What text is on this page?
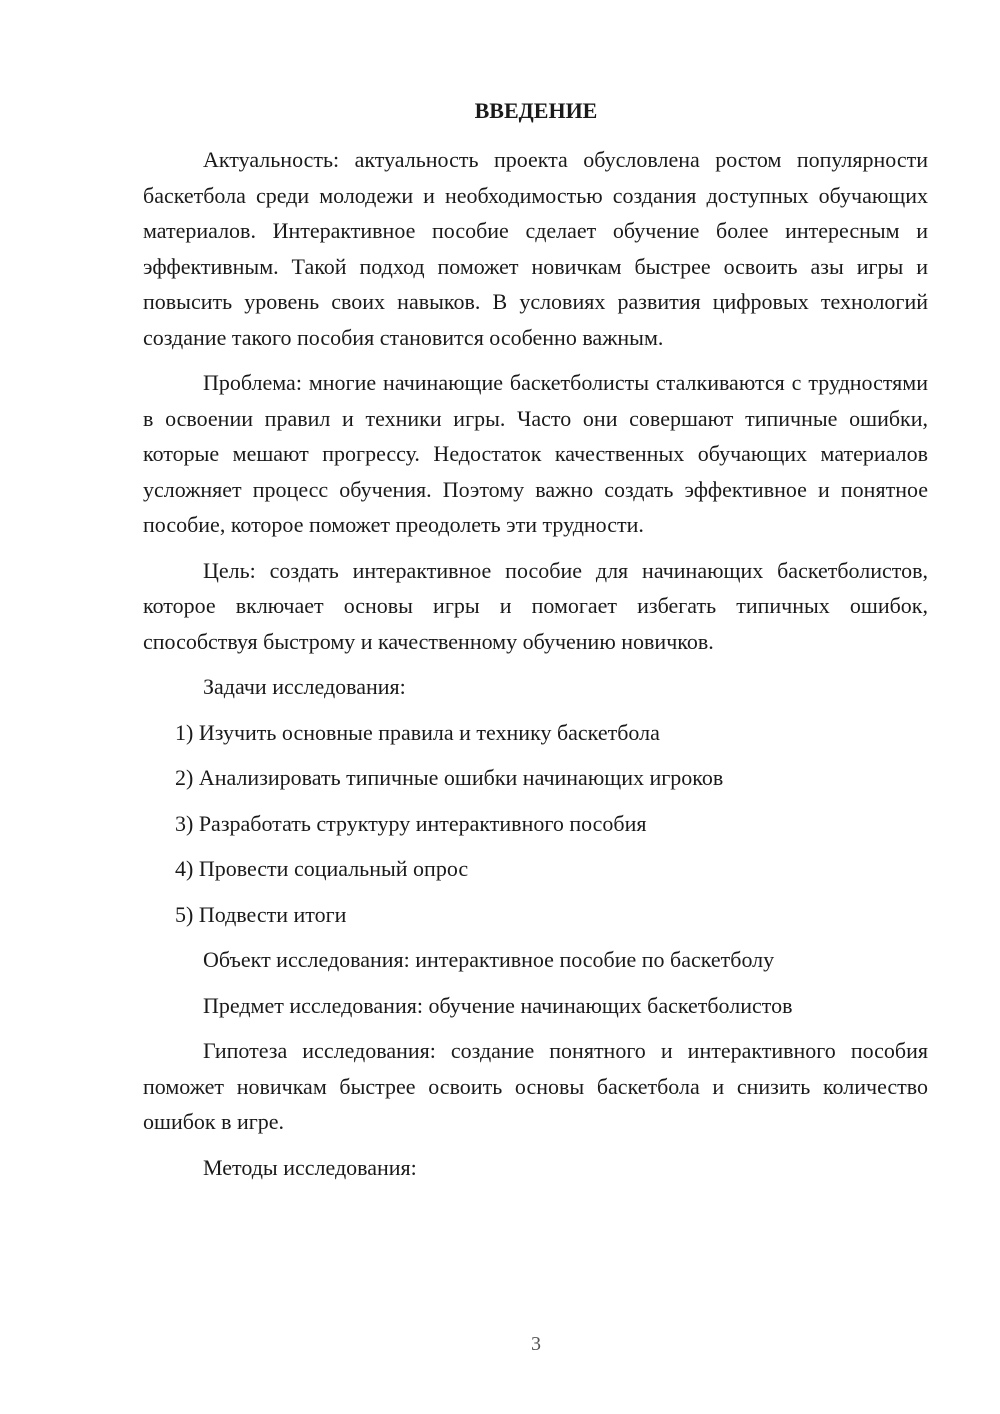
ВВЕДЕНИЕ

Актуальность: актуальность проекта обусловлена ростом популярности баскетбола среди молодежи и необходимостью создания доступных обучающих материалов. Интерактивное пособие сделает обучение более интересным и эффективным. Такой подход поможет новичкам быстрее освоить азы игры и повысить уровень своих навыков. В условиях развития цифровых технологий создание такого пособия становится особенно важным.

Проблема: многие начинающие баскетболисты сталкиваются с трудностями в освоении правил и техники игры. Часто они совершают типичные ошибки, которые мешают прогрессу. Недостаток качественных обучающих материалов усложняет процесс обучения. Поэтому важно создать эффективное и понятное пособие, которое поможет преодолеть эти трудности.

Цель: создать интерактивное пособие для начинающих баскетболистов, которое включает основы игры и помогает избегать типичных ошибок, способствуя быстрому и качественному обучению новичков.

Задачи исследования:

1) Изучить основные правила и технику баскетбола

2) Анализировать типичные ошибки начинающих игроков

3) Разработать структуру интерактивного пособия

4) Провести социальный опрос

5) Подвести итоги

Объект исследования: интерактивное пособие по баскетболу

Предмет исследования: обучение начинающих баскетболистов

Гипотеза исследования: создание понятного и интерактивного пособия поможет новичкам быстрее освоить основы баскетбола и снизить количество ошибок в игре.

Методы исследования:

3
